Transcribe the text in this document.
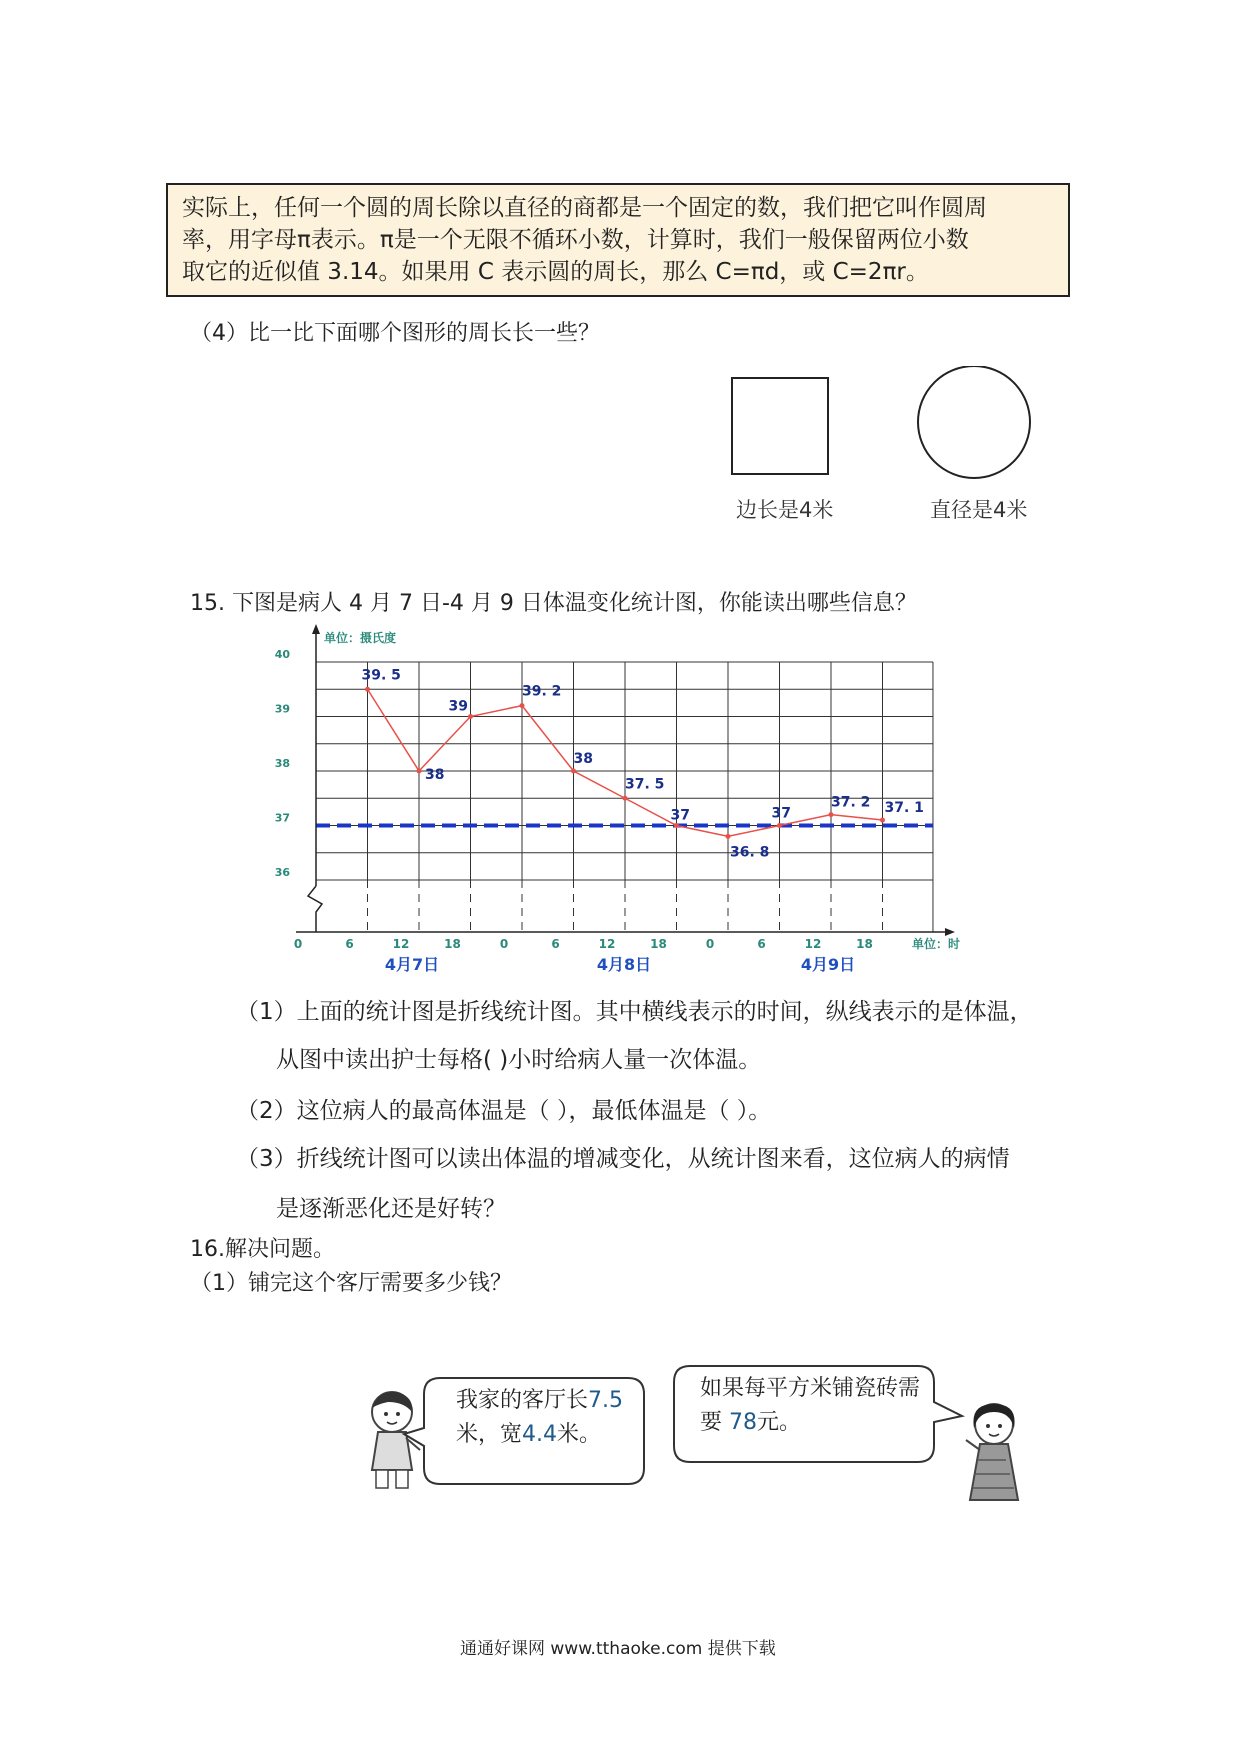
实际上，任何一个圆的周长除以直径的商都是一个固定的数，我们把它叫作圆周
率，用字母π表示。π是一个无限不循环小数，计算时，我们一般保留两位小数
取它的近似值 3.14。如果用 C 表示圆的周长，那么 C=πd，或 C=2πr。
（4）比一比下面哪个图形的周长长一些？
边长是4米	直径是4米
15. 下图是病人 4 月 7 日-4 月 9 日体温变化统计图，你能读出哪些信息？
40
39
38
37
36
单位：摄氏度
0	6	12	18	0	6	12	18	0	6	12	18	单位：时
4月7日	4月8日	4月9日
39. 5
38
39
39. 2
38
37. 5
37
36. 8
37
37. 2 37. 1
（1）上面的统计图是折线统计图。其中横线表示的时间，纵线表示的是体温，
从图中读出护士每格( )小时给病人量一次体温。
（2）这位病人的最高体温是（ ），最低体温是（ ）。
（3）折线统计图可以读出体温的增减变化，从统计图来看，这位病人的病情
是逐渐恶化还是好转？
16.解决问题。
（1）铺完这个客厅需要多少钱？
我家的客厅长7.5
米，宽4.4米。
如果每平方米铺瓷砖需
要 78元。
通通好课网 www.tthaoke.com 提供下载
